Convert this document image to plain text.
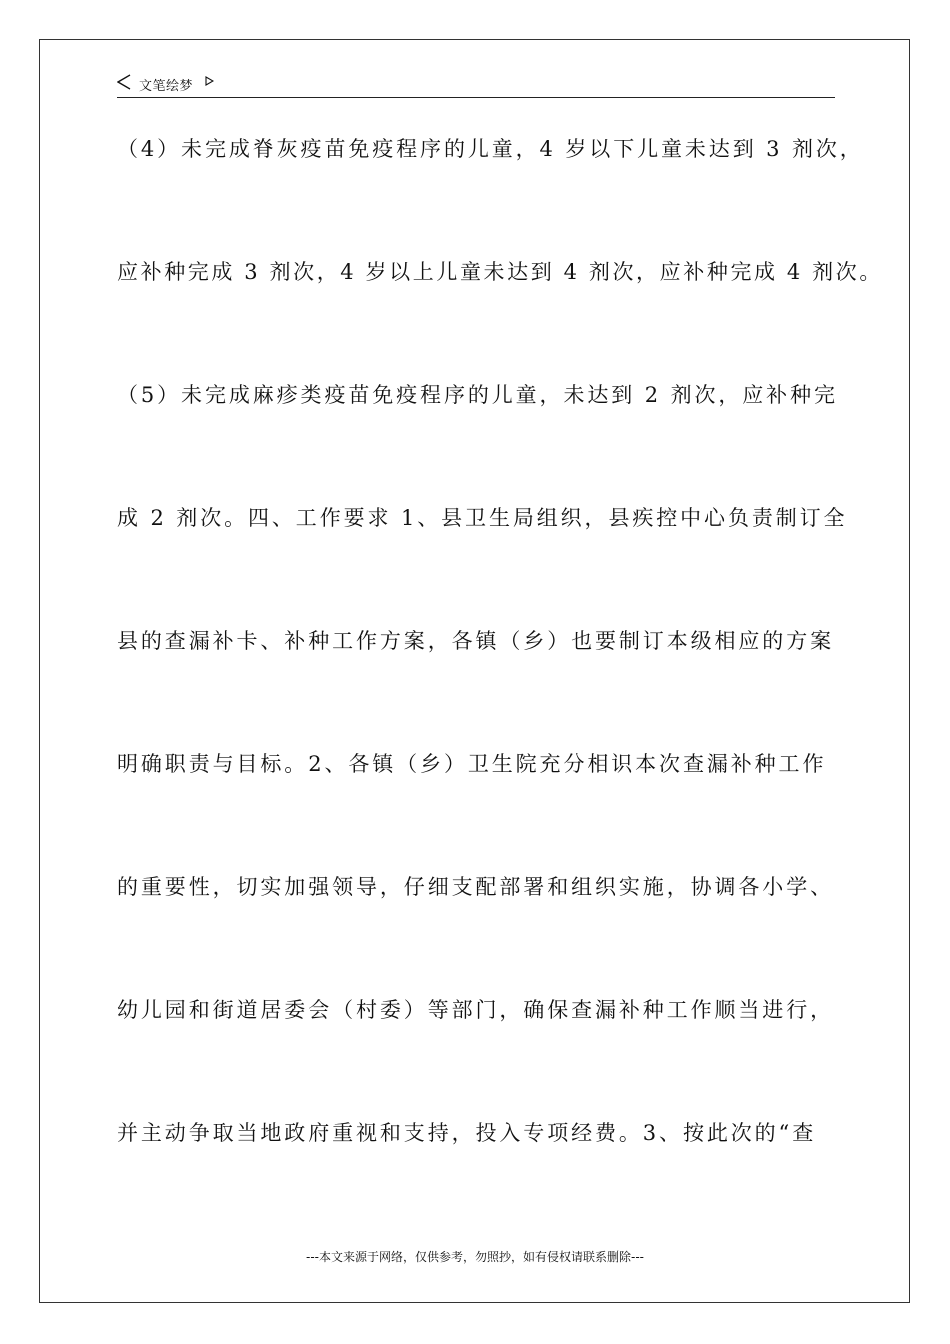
文笔绘梦
（4）未完成脊灰疫苗免疫程序的儿童，4 岁以下儿童未达到 3 剂次，
应补种完成 3 剂次，4 岁以上儿童未达到 4 剂次，应补种完成 4 剂次。
（5）未完成麻疹类疫苗免疫程序的儿童，未达到 2 剂次，应补种完
成 2 剂次。四、工作要求 1、县卫生局组织，县疾控中心负责制订全
县的查漏补卡、补种工作方案，各镇（乡）也要制订本级相应的方案
明确职责与目标。2、各镇（乡）卫生院充分相识本次查漏补种工作
的重要性，切实加强领导，仔细支配部署和组织实施，协调各小学、
幼儿园和街道居委会（村委）等部门，确保查漏补种工作顺当进行，
并主动争取当地政府重视和支持，投入专项经费。3、按此次的“查
---本文来源于网络，仅供参考，勿照抄，如有侵权请联系删除---
